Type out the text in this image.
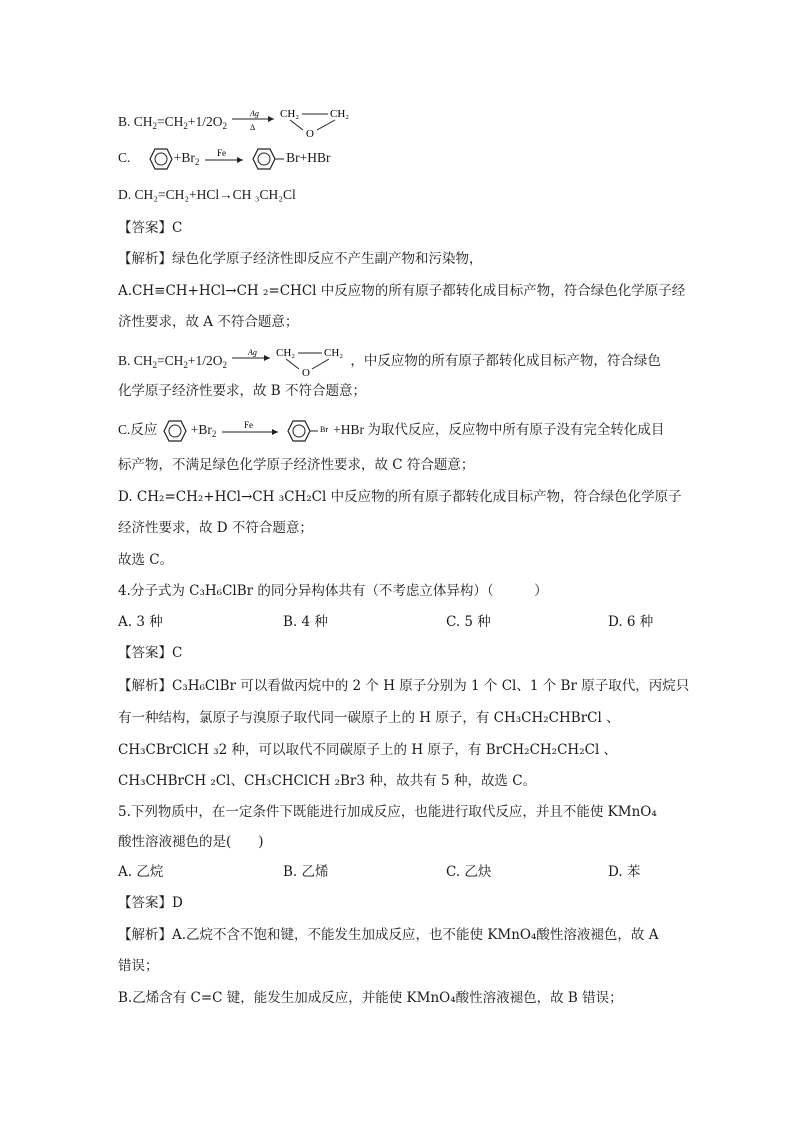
B. $CH_2=CH_2+1/2O_2$
Ag
Δ
CH₂	CH₂
O
C.	$+Br_2$
Fe	Br+HBr
D. CH₂=CH₂+HCl→CH ₃CH₂Cl
【答案】C
【解析】绿色化学原子经济性即反应不产生副产物和污染物，
A.CH≡CH+HCl→CH ₂=CHCl 中反应物的所有原子都转化成目标产物，符合绿色化学原子经
济性要求，故 A 不符合题意；
B. $CH_2=CH_2+1/2O_2$
Ag CH₂	CH₂
O
，中反应物的所有原子都转化成目标产物，符合绿色
化学原子经济性要求，故 B 不符合题意；
C.反应 $+Br_2$
Fe
	Br +HBr 为取代反应，反应物中所有原子没有完全转化成目
标产物，不满足绿色化学原子经济性要求，故 C 符合题意；
D. CH₂=CH₂+HCl→CH ₃CH₂Cl 中反应物的所有原子都转化成目标产物，符合绿色化学原子
经济性要求，故 D 不符合题意；
故选 C。
4.分子式为 C₃H₆ClBr 的同分异构体共有（不考虑立体异构）（　　　）
A. 3 种	B. 4 种	C. 5 种	D. 6 种
【答案】C
【解析】C₃H₆ClBr 可以看做丙烷中的 2 个 H 原子分别为 1 个 Cl、1 个 Br 原子取代，丙烷只
有一种结构，氯原子与溴原子取代同一碳原子上的 H 原子，有 CH₃CH₂CHBrCl 、
CH₃CBrClCH ₃2 种，可以取代不同碳原子上的 H 原子，有 BrCH₂CH₂CH₂Cl 、
CH₃CHBrCH ₂Cl、CH₃CHClCH ₂Br3 种，故共有 5 种，故选 C。
5.下列物质中，在一定条件下既能进行加成反应，也能进行取代反应，并且不能使 KMnO₄
酸性溶液褪色的是(　　)
A. 乙烷	B. 乙烯	C. 乙炔	D. 苯
【答案】D
【解析】A.乙烷不含不饱和键，不能发生加成反应，也不能使 KMnO₄酸性溶液褪色，故 A
错误；
B.乙烯含有 C=C 键，能发生加成反应，并能使 KMnO₄酸性溶液褪色，故 B 错误；
